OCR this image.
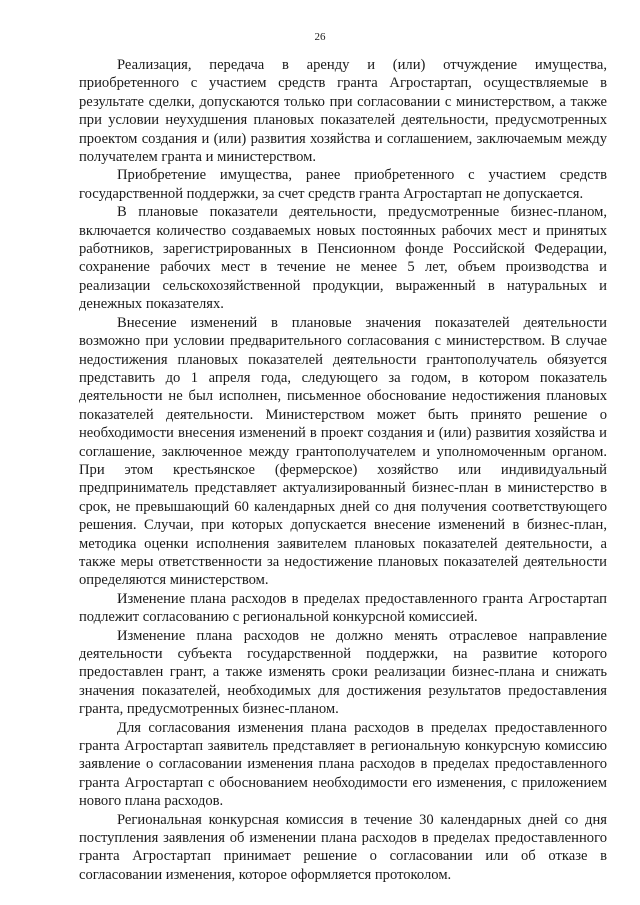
26

Реализация, передача в аренду и (или) отчуждение имущества, приобретенного с участием средств гранта Агростартап, осуществляемые в результате сделки, допускаются только при согласовании с министерством, а также при условии неухудшения плановых показателей деятельности, предусмотренных проектом создания и (или) развития хозяйства и соглашением, заключаемым между получателем гранта и министерством.

Приобретение имущества, ранее приобретенного с участием средств государственной поддержки, за счет средств гранта Агростартап не допускается.

В плановые показатели деятельности, предусмотренные бизнес-планом, включается количество создаваемых новых постоянных рабочих мест и принятых работников, зарегистрированных в Пенсионном фонде Российской Федерации, сохранение рабочих мест в течение не менее 5 лет, объем производства и реализации сельскохозяйственной продукции, выраженный в натуральных и денежных показателях.

Внесение изменений в плановые значения показателей деятельности возможно при условии предварительного согласования с министерством. В случае недостижения плановых показателей деятельности грантополучатель обязуется представить до 1 апреля года, следующего за годом, в котором показатель деятельности не был исполнен, письменное обоснование недостижения плановых показателей деятельности. Министерством может быть принято решение о необходимости внесения изменений в проект создания и (или) развития хозяйства и соглашение, заключенное между грантополучателем и уполномоченным органом. При этом крестьянское (фермерское) хозяйство или индивидуальный предприниматель представляет актуализированный бизнес-план в министерство в срок, не превышающий 60 календарных дней со дня получения соответствующего решения. Случаи, при которых допускается внесение изменений в бизнес-план, методика оценки исполнения заявителем плановых показателей деятельности, а также меры ответственности за недостижение плановых показателей деятельности определяются министерством.

Изменение плана расходов в пределах предоставленного гранта Агростартап подлежит согласованию с региональной конкурсной комиссией.

Изменение плана расходов не должно менять отраслевое направление деятельности субъекта государственной поддержки, на развитие которого предоставлен грант, а также изменять сроки реализации бизнес-плана и снижать значения показателей, необходимых для достижения результатов предоставления гранта, предусмотренных бизнес-планом.

Для согласования изменения плана расходов в пределах предоставленного гранта Агростартап заявитель представляет в региональную конкурсную комиссию заявление о согласовании изменения плана расходов в пределах предоставленного гранта Агростартап с обоснованием необходимости его изменения, с приложением нового плана расходов.

Региональная конкурсная комиссия в течение 30 календарных дней со дня поступления заявления об изменении плана расходов в пределах предоставленного гранта Агростартап принимает решение о согласовании или об отказе в согласовании изменения, которое оформляется протоколом.
